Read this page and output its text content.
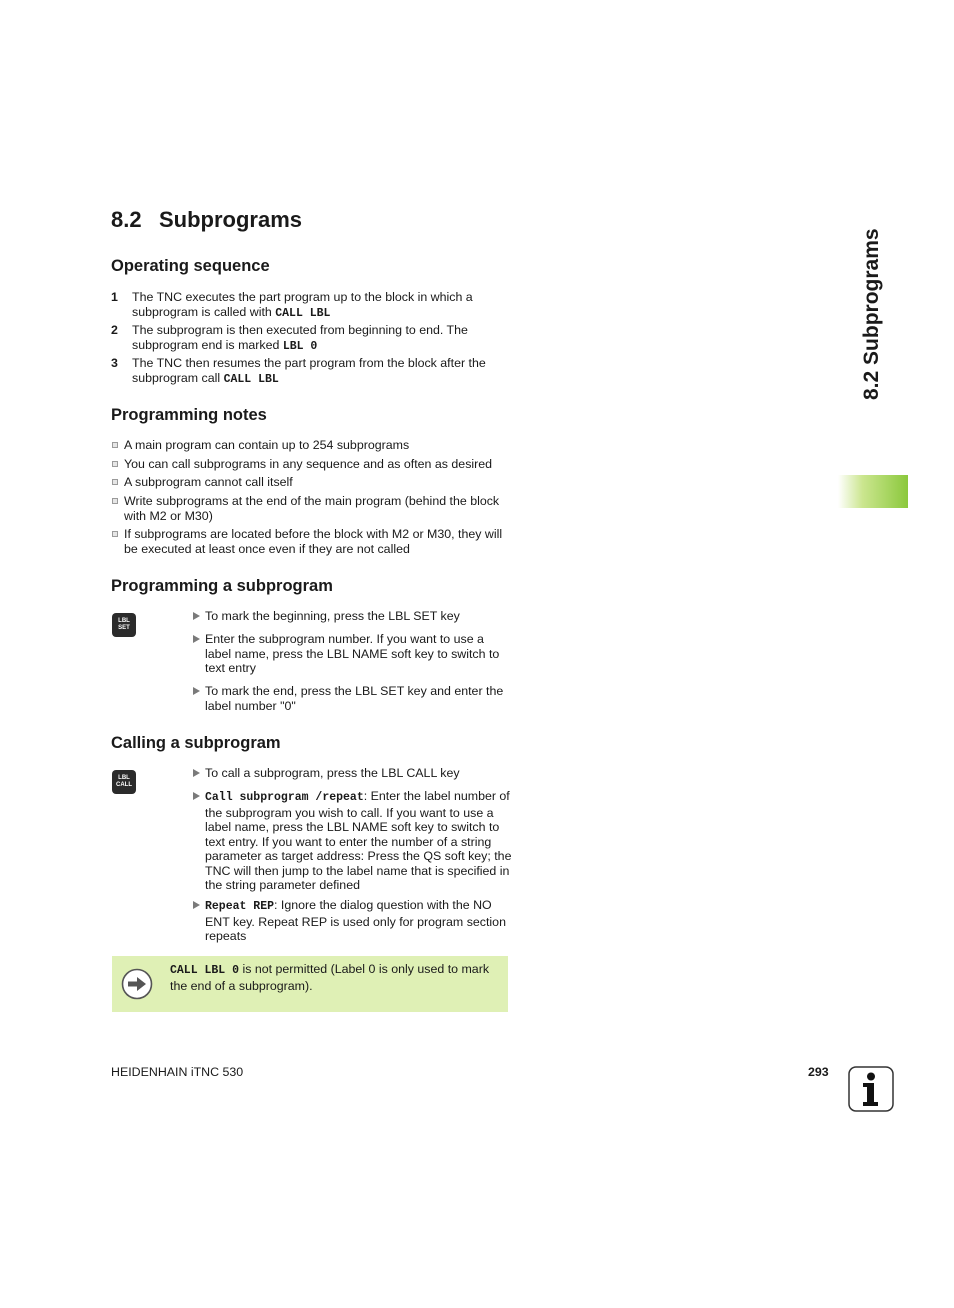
8.2 Subprograms
Operating sequence
1 The TNC executes the part program up to the block in which a subprogram is called with CALL LBL
2 The subprogram is then executed from beginning to end. The subprogram end is marked LBL 0
3 The TNC then resumes the part program from the block after the subprogram call CALL LBL
Programming notes
A main program can contain up to 254 subprograms
You can call subprograms in any sequence and as often as desired
A subprogram cannot call itself
Write subprograms at the end of the main program (behind the block with M2 or M30)
If subprograms are located before the block with M2 or M30, they will be executed at least once even if they are not called
Programming a subprogram
LBL
SET
To mark the beginning, press the LBL SET key
Enter the subprogram number. If you want to use a label name, press the LBL NAME soft key to switch to text entry
To mark the end, press the LBL SET key and enter the label number "0"
Calling a subprogram
LBL
CALL
To call a subprogram, press the LBL CALL key
Call subprogram /repeat: Enter the label number of the subprogram you wish to call. If you want to use a label name, press the LBL NAME soft key to switch to text entry. If you want to enter the number of a string parameter as target address: Press the QS soft key; the TNC will then jump to the label name that is specified in the string parameter defined
Repeat REP: Ignore the dialog question with the NO ENT key. Repeat REP is used only for program section repeats
CALL LBL 0 is not permitted (Label 0 is only used to mark the end of a subprogram).
8.2 Subprograms
HEIDENHAIN iTNC 530	293
